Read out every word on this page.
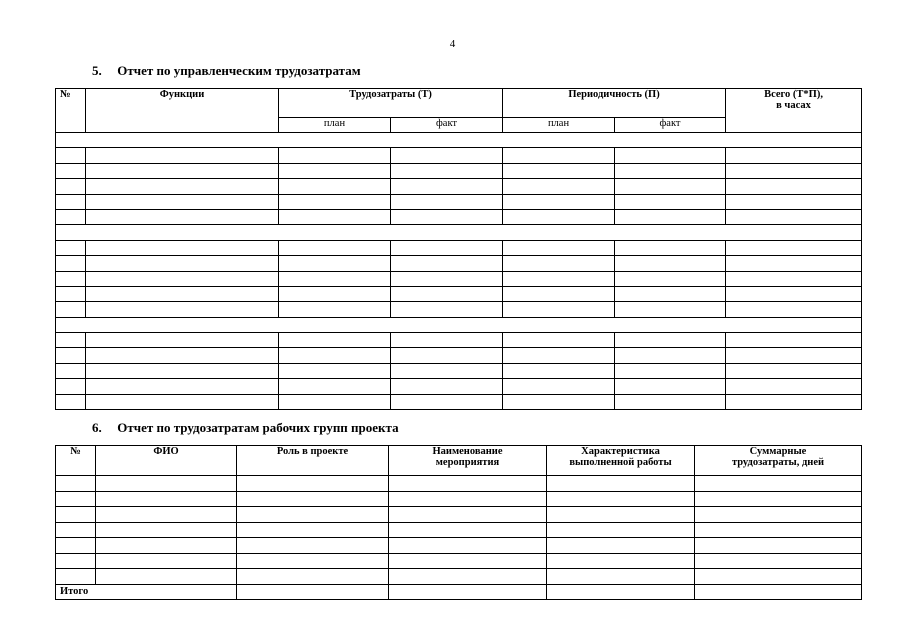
4
5. Отчет по управленческим трудозатратам
№	Функции	Трудозатраты (Т)		Периодичность (П)		Всего (Т*П),
в часах
		план	факт	план	факт	

6. Отчет по трудозатратам рабочих групп проекта
№	ФИО	Роль в проекте	Наименование
мероприятия	Характеристика
выполненной работы	Суммарные
трудозатраты, дней

Итого					
